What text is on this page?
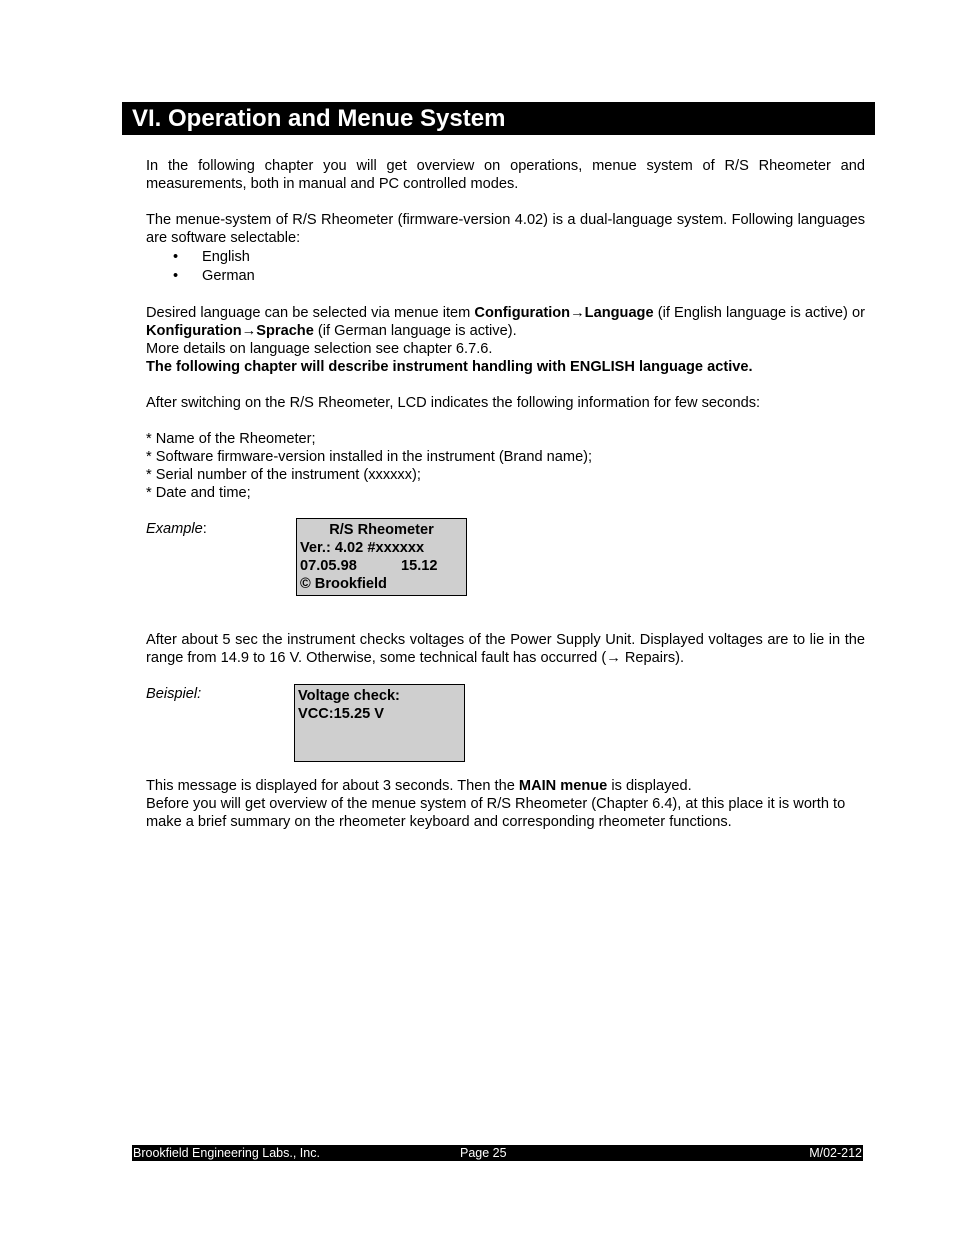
VI. Operation and Menue System

In the following chapter you will get overview on operations, menue system of R/S Rheometer and measurements, both in manual and PC controlled modes.

The menue-system of R/S Rheometer (firmware-version 4.02) is a dual-language system. Following languages are software selectable:

• English
• German

Desired language can be selected via menue item Configuration→Language (if English language is active) or Konfiguration→Sprache (if German language is active).

More details on language selection see chapter 6.7.6.

The following chapter will describe instrument handling with ENGLISH language active.

After switching on the R/S Rheometer, LCD indicates the following information for few seconds:

* Name of the Rheometer;

* Software firmware-version installed in the instrument (Brand name);

* Serial number of the instrument (xxxxxx);

* Date and time;

Example:	R/S Rheometer
Ver.: 4.02 #xxxxxx
07.05.98	15.12
© Brookfield

After about 5 sec the instrument checks voltages of the Power Supply Unit. Displayed voltages are to lie in the range from 14.9 to 16 V. Otherwise, some technical fault has occurred (→ Repairs).

Beispiel:	Voltage check:
VCC:15.25 V

This message is displayed for about 3 seconds. Then the MAIN menue is displayed.

Before you will get overview of the menue system of R/S Rheometer (Chapter 6.4), at this place it is worth to make a brief summary on the rheometer keyboard and corresponding rheometer functions.

Brookfield Engineering Labs., Inc.	Page 25	M/02-212
